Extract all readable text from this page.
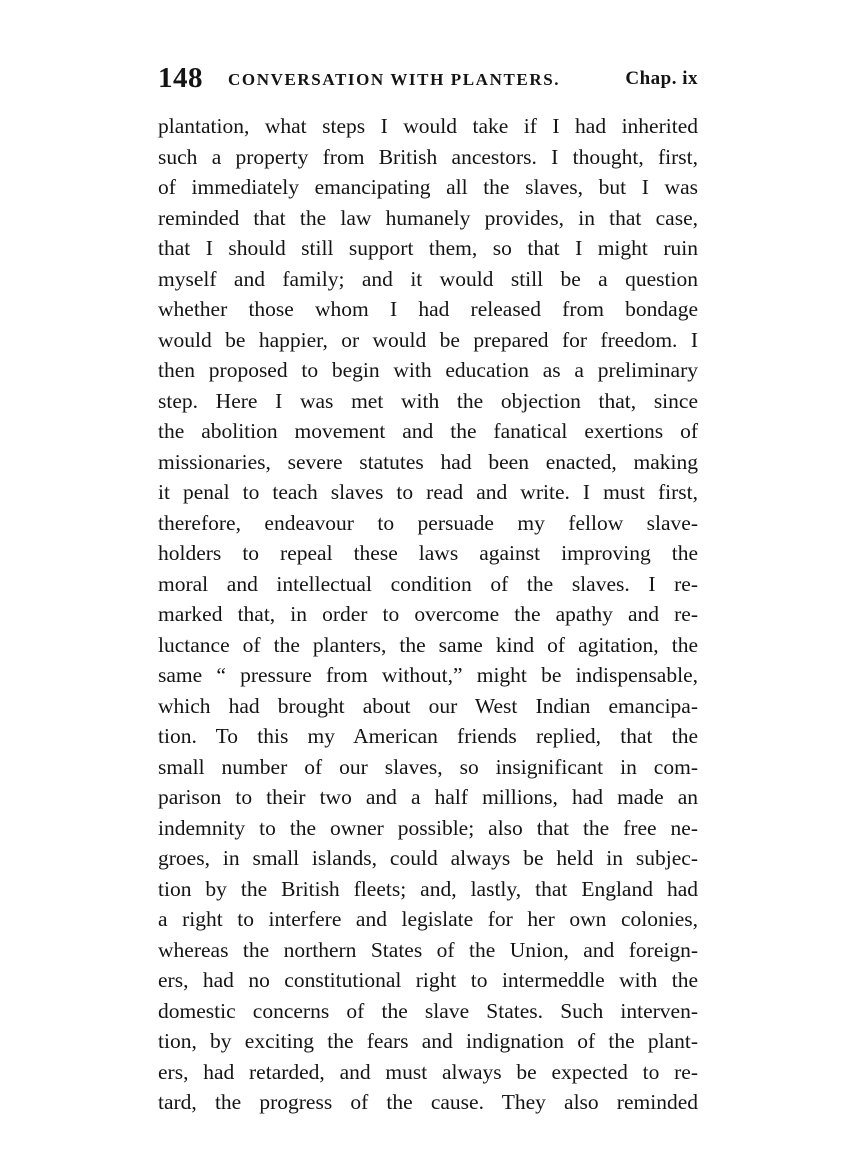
148 CONVERSATION WITH PLANTERS.	Chap. ix
plantation, what steps I would take if I had inherited
such a property from British ancestors. I thought, first,
of immediately emancipating all the slaves, but I was
reminded that the law humanely provides, in that case,
that I should still support them, so that I might ruin
myself and family; and it would still be a question
whether those whom I had released from bondage
would be happier, or would be prepared for freedom. I
then proposed to begin with education as a preliminary
step. Here I was met with the objection that, since
the abolition movement and the fanatical exertions of
missionaries, severe statutes had been enacted, making
it penal to teach slaves to read and write. I must first,
therefore, endeavour to persuade my fellow slave-
holders to repeal these laws against improving the
moral and intellectual condition of the slaves. I re-
marked that, in order to overcome the apathy and re-
luctance of the planters, the same kind of agitation, the
same “ pressure from without,” might be indispensable,
which had brought about our West Indian emancipa-
tion. To this my American friends replied, that the
small number of our slaves, so insignificant in com-
parison to their two and a half millions, had made an
indemnity to the owner possible; also that the free ne-
groes, in small islands, could always be held in subjec-
tion by the British fleets; and, lastly, that England had
a right to interfere and legislate for her own colonies,
whereas the northern States of the Union, and foreign-
ers, had no constitutional right to intermeddle with the
domestic concerns of the slave States. Such interven-
tion, by exciting the fears and indignation of the plant-
ers, had retarded, and must always be expected to re-
tard, the progress of the cause. They also reminded
